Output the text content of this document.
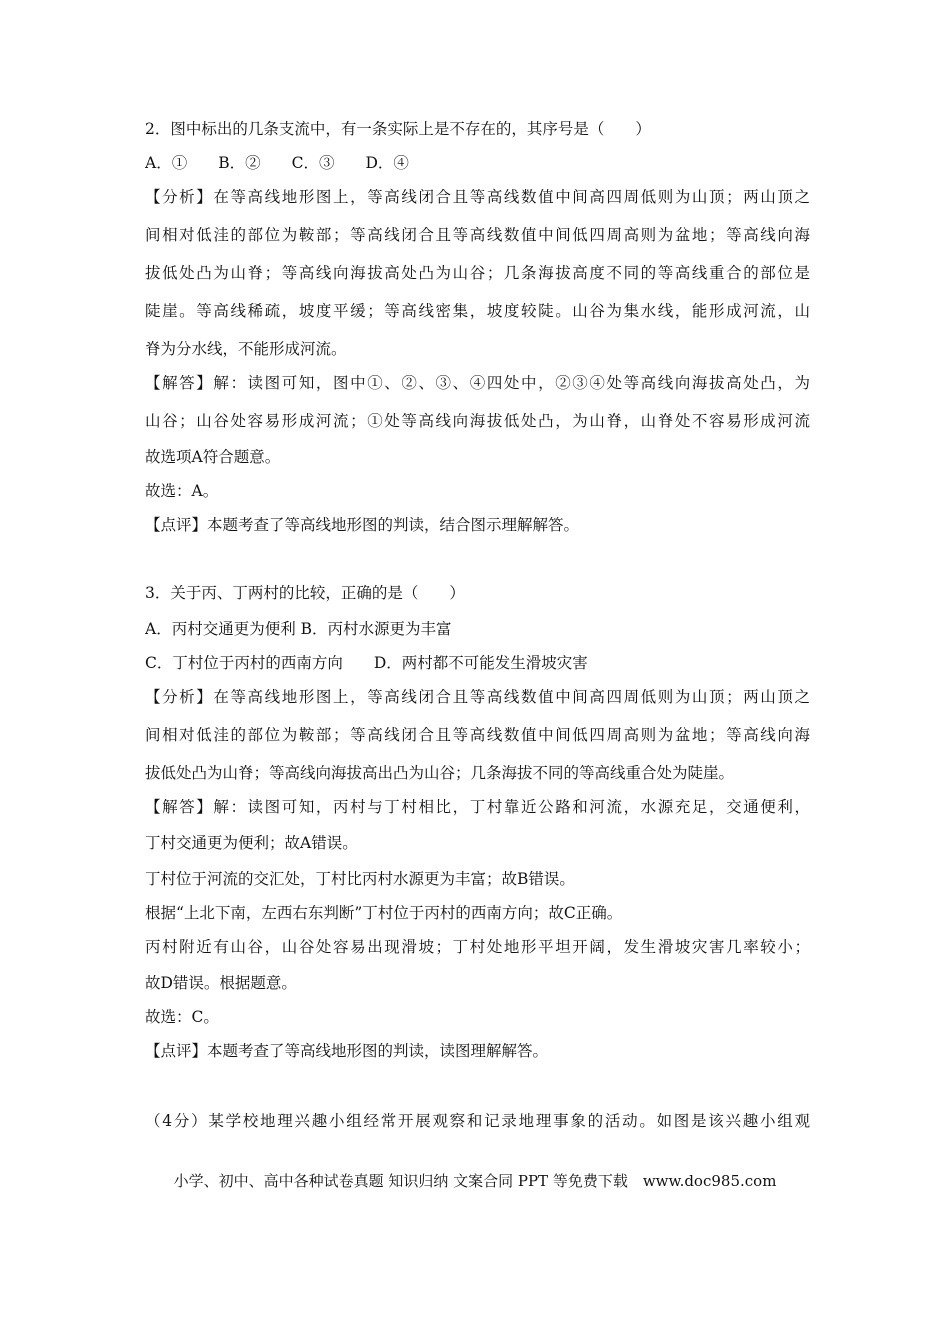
2．图中标出的几条支流中，有一条实际上是不存在的，其序号是（　　）
A．①　　B．②　　C．③　　D．④
【分析】在等高线地形图上，等高线闭合且等高线数值中间高四周低则为山顶；两山顶之
间相对低洼的部位为鞍部；等高线闭合且等高线数值中间低四周高则为盆地；等高线向海
拔低处凸为山脊；等高线向海拔高处凸为山谷；几条海拔高度不同的等高线重合的部位是
陡崖。等高线稀疏，坡度平缓；等高线密集，坡度较陡。山谷为集水线，能形成河流，山
脊为分水线，不能形成河流。
【解答】解：读图可知，图中①、②、③、④四处中，②③④处等高线向海拔高处凸，为
山谷；山谷处容易形成河流；①处等高线向海拔低处凸，为山脊，山脊处不容易形成河流
故选项A符合题意。
故选：A。
【点评】本题考查了等高线地形图的判读，结合图示理解解答。
3．关于丙、丁两村的比较，正确的是（　　）
A．丙村交通更为便利 B．丙村水源更为丰富
C．丁村位于丙村的西南方向　　D．两村都不可能发生滑坡灾害
【分析】在等高线地形图上，等高线闭合且等高线数值中间高四周低则为山顶；两山顶之
间相对低洼的部位为鞍部；等高线闭合且等高线数值中间低四周高则为盆地；等高线向海
拔低处凸为山脊；等高线向海拔高出凸为山谷；几条海拔不同的等高线重合处为陡崖。
【解答】解：读图可知，丙村与丁村相比，丁村靠近公路和河流，水源充足，交通便利，
丁村交通更为便利；故A错误。
丁村位于河流的交汇处，丁村比丙村水源更为丰富；故B错误。
根据“上北下南，左西右东判断”丁村位于丙村的西南方向；故C正确。
丙村附近有山谷，山谷处容易出现滑坡；丁村处地形平坦开阔，发生滑坡灾害几率较小；
故D错误。根据题意。
故选：C。
【点评】本题考查了等高线地形图的判读，读图理解解答。
（4分）某学校地理兴趣小组经常开展观察和记录地理事象的活动。如图是该兴趣小组观
小学、初中、高中各种试卷真题 知识归纳 文案合同 PPT 等免费下载　www.doc985.com
